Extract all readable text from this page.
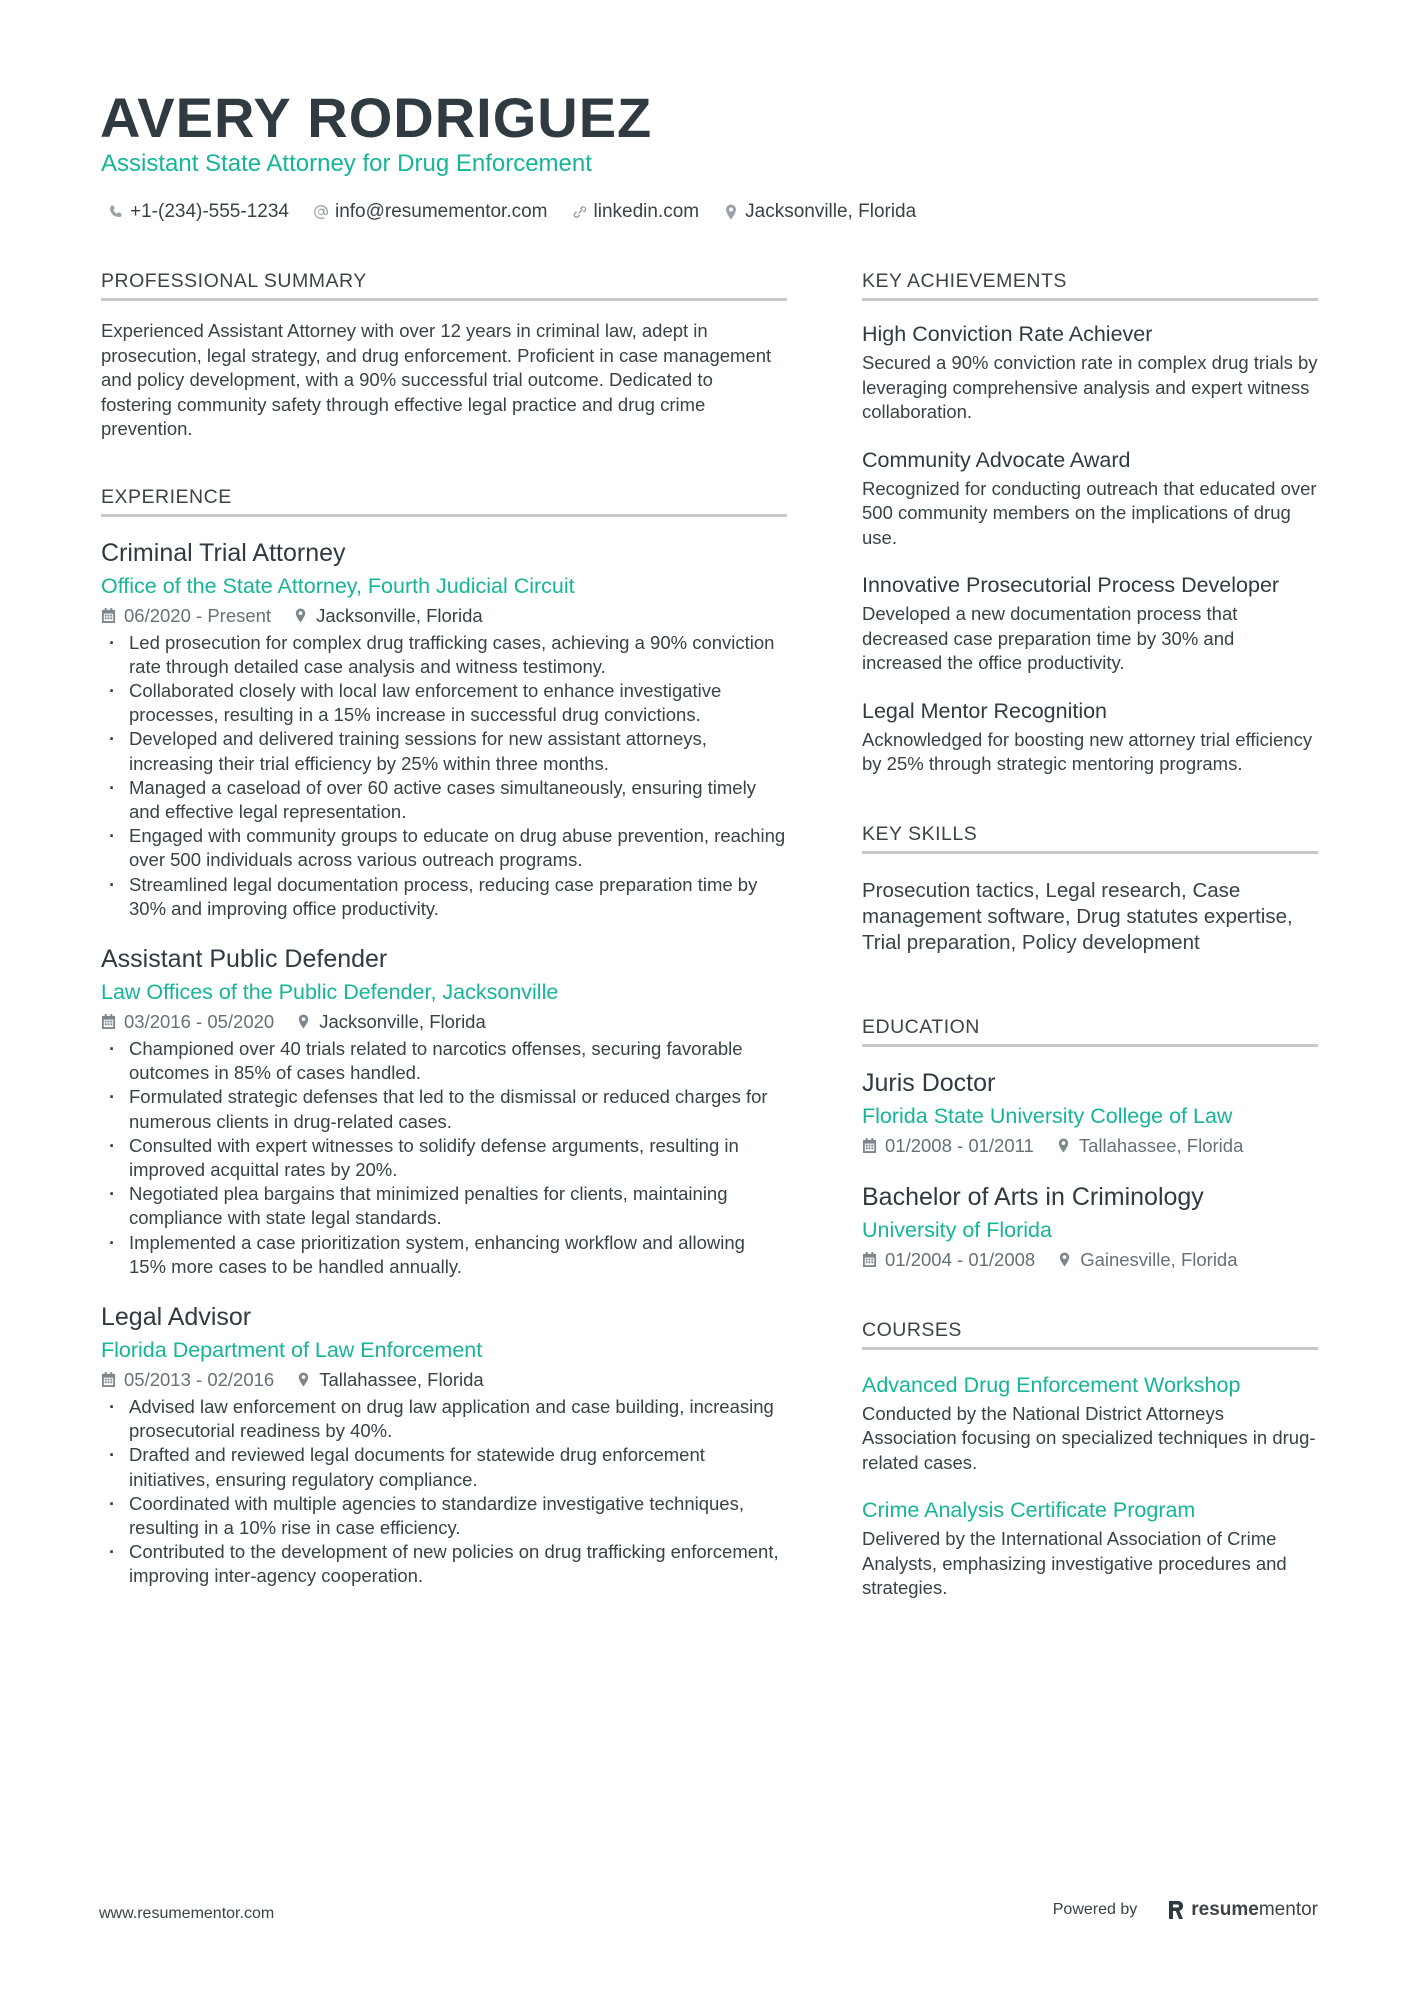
AVERY RODRIGUEZ
Assistant State Attorney for Drug Enforcement
+1-(234)-555-1234 info@resumementor.com linkedin.com Jacksonville, Florida
PROFESSIONAL SUMMARY

Experienced Assistant Attorney with over 12 years in criminal law, adept in prosecution, legal strategy, and drug enforcement. Proficient in case management and policy development, with a 90% successful trial outcome. Dedicated to fostering community safety through effective legal practice and drug crime prevention.

EXPERIENCE
Criminal Trial Attorney
Office of the State Attorney, Fourth Judicial Circuit
06/2020 - Present Jacksonville, Florida
· Led prosecution for complex drug trafficking cases, achieving a 90% conviction rate through detailed case analysis and witness testimony.
· Collaborated closely with local law enforcement to enhance investigative processes, resulting in a 15% increase in successful drug convictions.
· Developed and delivered training sessions for new assistant attorneys, increasing their trial efficiency by 25% within three months.
· Managed a caseload of over 60 active cases simultaneously, ensuring timely and effective legal representation.
· Engaged with community groups to educate on drug abuse prevention, reaching over 500 individuals across various outreach programs.
· Streamlined legal documentation process, reducing case preparation time by 30% and improving office productivity.
Assistant Public Defender
Law Offices of the Public Defender, Jacksonville
03/2016 - 05/2020 Jacksonville, Florida
· Championed over 40 trials related to narcotics offenses, securing favorable outcomes in 85% of cases handled.
· Formulated strategic defenses that led to the dismissal or reduced charges for numerous clients in drug-related cases.
· Consulted with expert witnesses to solidify defense arguments, resulting in improved acquittal rates by 20%.
· Negotiated plea bargains that minimized penalties for clients, maintaining compliance with state legal standards.
· Implemented a case prioritization system, enhancing workflow and allowing 15% more cases to be handled annually.
Legal Advisor
Florida Department of Law Enforcement
05/2013 - 02/2016 Tallahassee, Florida
· Advised law enforcement on drug law application and case building, increasing prosecutorial readiness by 40%.
· Drafted and reviewed legal documents for statewide drug enforcement initiatives, ensuring regulatory compliance.
· Coordinated with multiple agencies to standardize investigative techniques, resulting in a 10% rise in case efficiency.
· Contributed to the development of new policies on drug trafficking enforcement, improving inter-agency cooperation.
KEY ACHIEVEMENTS
High Conviction Rate Achiever

Secured a 90% conviction rate in complex drug trials by leveraging comprehensive analysis and expert witness collaboration.

Community Advocate Award

Recognized for conducting outreach that educated over 500 community members on the implications of drug use.

Innovative Prosecutorial Process Developer

Developed a new documentation process that decreased case preparation time by 30% and increased the office productivity.

Legal Mentor Recognition

Acknowledged for boosting new attorney trial efficiency by 25% through strategic mentoring programs.

KEY SKILLS

Prosecution tactics, Legal research, Case management software, Drug statutes expertise, Trial preparation, Policy development

EDUCATION
Juris Doctor
Florida State University College of Law
01/2008 - 01/2011 Tallahassee, Florida
Bachelor of Arts in Criminology
University of Florida
01/2004 - 01/2008 Gainesville, Florida
COURSES
Advanced Drug Enforcement Workshop

Conducted by the National District Attorneys Association focusing on specialized techniques in drug-related cases.

Crime Analysis Certificate Program

Delivered by the International Association of Crime Analysts, emphasizing investigative procedures and strategies.

www.resumementor.com	Powered by	resume mentor
